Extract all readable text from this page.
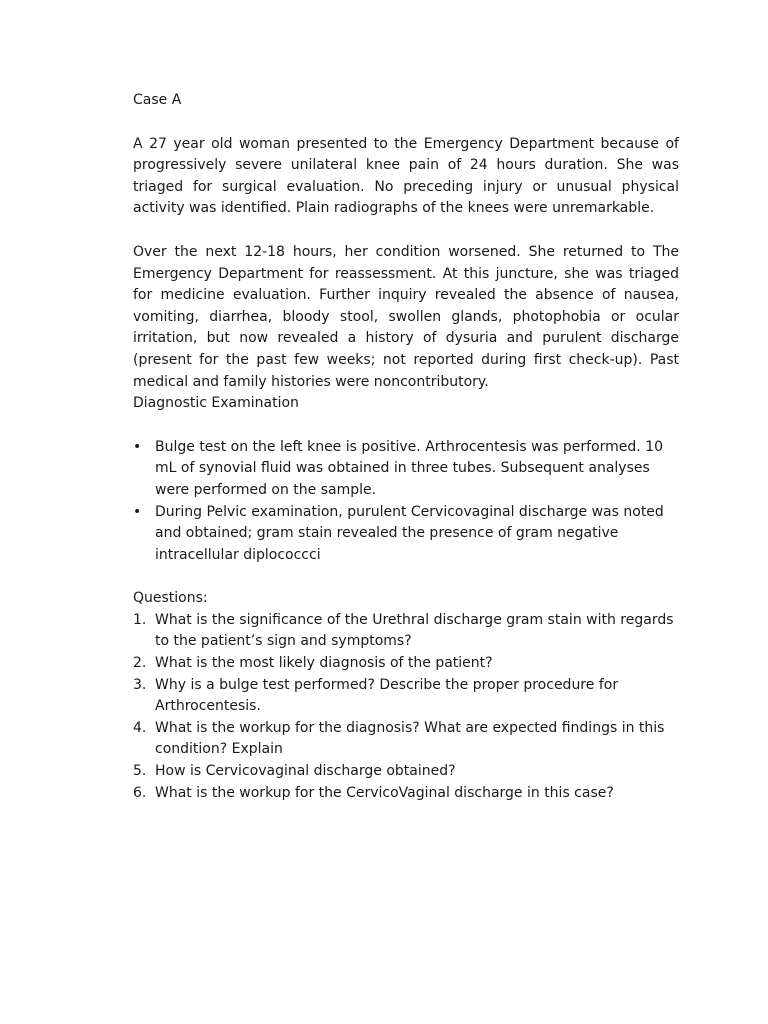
Case A

A 27 year old woman presented to the Emergency Department because of progressively severe unilateral knee pain of 24 hours duration. She was triaged for surgical evaluation. No preceding injury or unusual physical activity was identified. Plain radiographs of the knees were unremarkable.

Over the next 12-18 hours, her condition worsened. She returned to The Emergency Department for reassessment. At this juncture, she was triaged for medicine evaluation. Further inquiry revealed the absence of nausea, vomiting, diarrhea, bloody stool, swollen glands, photophobia or ocular irritation, but now revealed a history of dysuria and purulent discharge (present for the past few weeks; not reported during first check-up). Past medical and family histories were noncontributory.

Diagnostic Examination

• Bulge test on the left knee is positive. Arthrocentesis was performed. 10 mL of synovial fluid was obtained in three tubes. Subsequent analyses were performed on the sample.
• During Pelvic examination, purulent Cervicovaginal discharge was noted and obtained; gram stain revealed the presence of gram negative intracellular diplococcci

Questions:

1. What is the significance of the Urethral discharge gram stain with regards to the patient’s sign and symptoms?
2. What is the most likely diagnosis of the patient?
3. Why is a bulge test performed? Describe the proper procedure for Arthrocentesis.
4. What is the workup for the diagnosis? What are expected findings in this condition? Explain
5. How is Cervicovaginal discharge obtained?
6. What is the workup for the CervicoVaginal discharge in this case?
